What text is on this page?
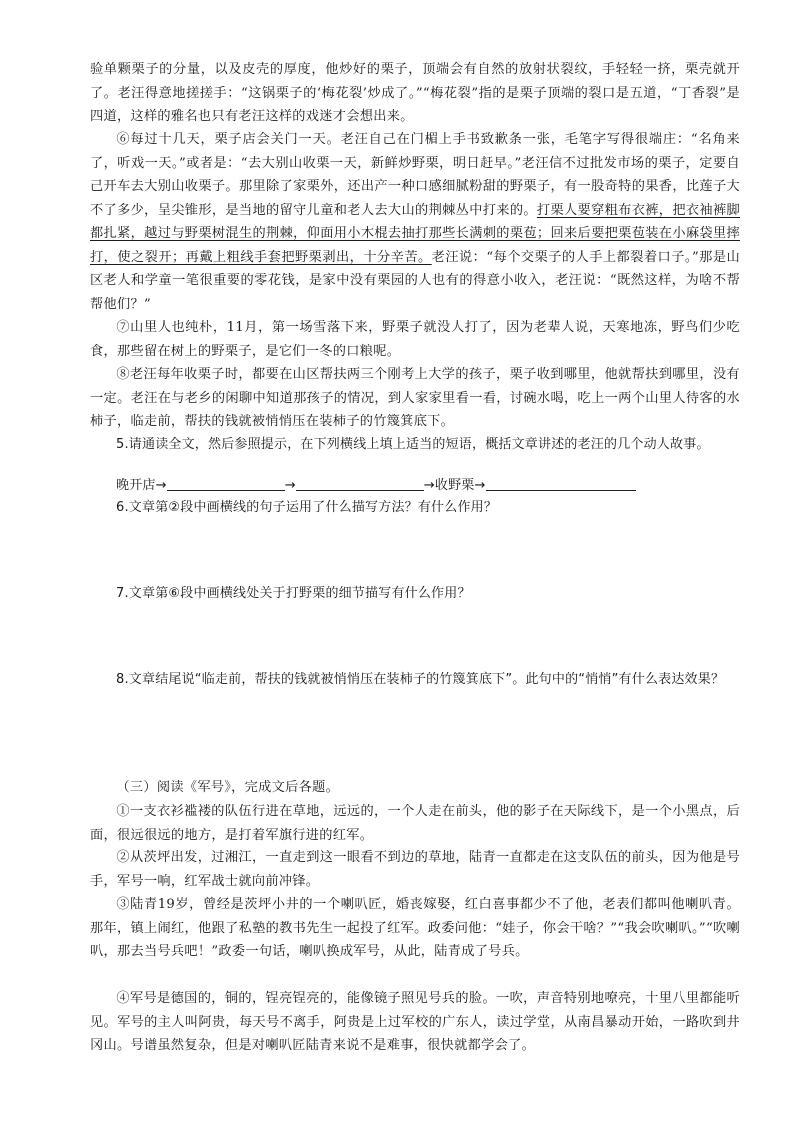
验单颗栗子的分量，以及皮壳的厚度，他炒好的栗子，顶端会有自然的放射状裂纹，手轻轻一挤，栗壳就开了。老汪得意地搓搓手：“这锅栗子的‘梅花裂’炒成了。”“梅花裂”指的是栗子顶端的裂口是五道，“丁香裂”是四道，这样的雅名也只有老汪这样的戏迷才会想出来。

⑥每过十几天，栗子店会关门一天。老汪自己在门楣上手书致歉条一张，毛笔字写得很端庄：“名角来了，听戏一天。”或者是：“去大别山收栗一天，新鲜炒野栗，明日赶早。”老汪信不过批发市场的栗子，定要自己开车去大别山收栗子。那里除了家栗外，还出产一种口感细腻粉甜的野栗子，有一股奇特的果香，比莲子大不了多少，呈尖锥形，是当地的留守儿童和老人去大山的荆棘丛中打来的。打栗人要穿粗布衣裤，把衣袖裤脚都扎紧，越过与野栗树混生的荆棘，仰面用小木棍去抽打那些长满刺的栗苞；回来后要把栗苞装在小麻袋里摔打，使之裂开；再戴上粗线手套把野栗剥出，十分辛苦。老汪说：“每个交栗子的人手上都裂着口子。”那是山区老人和学童一笔很重要的零花钱，是家中没有栗园的人也有的得意小收入，老汪说：“既然这样，为啥不帮帮他们？”

⑦山里人也纯朴，11月，第一场雪落下来，野栗子就没人打了，因为老辈人说，天寒地冻，野鸟们少吃食，那些留在树上的野栗子，是它们一冬的口粮呢。

⑧老汪每年收栗子时，都要在山区帮扶两三个刚考上大学的孩子，栗子收到哪里，他就帮扶到哪里，没有一定。老汪在与老乡的闲聊中知道那孩子的情况，到人家家里看一看，讨碗水喝，吃上一两个山里人待客的水柿子，临走前，帮扶的钱就被悄悄压在装柿子的竹篾箕底下。

5.请通读全文，然后参照提示，在下列横线上填上适当的短语，概括文章讲述的老汪的几个动人故事。

晚开店→	→	→收野栗→

6.文章第②段中画横线的句子运用了什么描写方法？有什么作用？

7.文章第⑥段中画横线处关于打野栗的细节描写有什么作用？

8.文章结尾说“临走前，帮扶的钱就被悄悄压在装柿子的竹篾箕底下”。此句中的“悄悄”有什么表达效果？

（三）阅读《军号》，完成文后各题。

①一支衣衫褴褛的队伍行进在草地，远远的，一个人走在前头，他的影子在天际线下，是一个小黑点，后面，很远很远的地方，是打着军旗行进的红军。

②从茨坪出发，过湘江，一直走到这一眼看不到边的草地，陆青一直都走在这支队伍的前头，因为他是号手，军号一响，红军战士就向前冲锋。

③陆青19岁，曾经是茨坪小井的一个喇叭匠，婚丧嫁娶，红白喜事都少不了他，老表们都叫他喇叭青。那年，镇上闹红，他跟了私塾的教书先生一起投了红军。政委问他：“娃子，你会干啥？”“我会吹喇叭。”“吹喇叭，那去当号兵吧！”政委一句话，喇叭换成军号，从此，陆青成了号兵。

④军号是德国的，铜的，锃亮锃亮的，能像镜子照见号兵的脸。一吹，声音特别地嘹亮，十里八里都能听见。军号的主人叫阿贵，每天号不离手，阿贵是上过军校的广东人，读过学堂，从南昌暴动开始，一路吹到井冈山。号谱虽然复杂，但是对喇叭匠陆青来说不是难事，很快就都学会了。
